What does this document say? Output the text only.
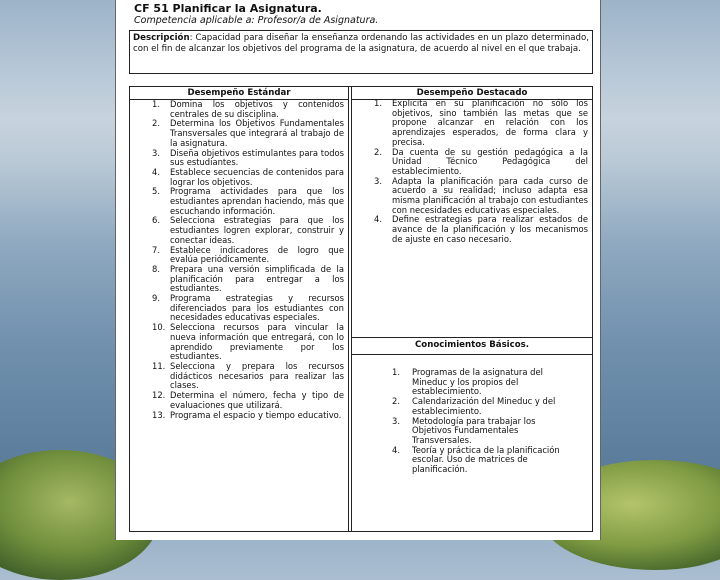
CF 51 Planificar la Asignatura.
Competencia aplicable a: Profesor/a de Asignatura.
Descripción: Capacidad para diseñar la enseñanza ordenando las actividades en un plazo determinado, con el fin de alcanzar los objetivos del programa de la asignatura, de acuerdo al nivel en el que trabaja.
Desempeño Estándar
1. Domina los objetivos y contenidos centrales de su disciplina.
2. Determina los Objetivos Fundamentales Transversales que integrará al trabajo de la asignatura.
3. Diseña objetivos estimulantes para todos sus estudiantes.
4. Establece secuencias de contenidos para lograr los objetivos.
5. Programa actividades para que los estudiantes aprendan haciendo, más que escuchando información.
6. Selecciona estrategias para que los estudiantes logren explorar, construir y conectar ideas.
7. Establece indicadores de logro que evalúa periódicamente.
8. Prepara una versión simplificada de la planificación para entregar a los estudiantes.
9. Programa estrategias y recursos diferenciados para los estudiantes con necesidades educativas especiales.
10. Selecciona recursos para vincular la nueva información que entregará, con lo aprendido previamente por los estudiantes.
11. Selecciona y prepara los recursos didácticos necesarios para realizar las clases.
12. Determina el número, fecha y tipo de evaluaciones que utilizará.
13. Programa el espacio y tiempo educativo.
Desempeño Destacado
1. Explicita en su planificación no sólo los objetivos, sino también las metas que se propone alcanzar en relación con los aprendizajes esperados, de forma clara y precisa.
2. Da cuenta de su gestión pedagógica a la Unidad Técnico Pedagógica del establecimiento.
3. Adapta la planificación para cada curso de acuerdo a su realidad; incluso adapta esa misma planificación al trabajo con estudiantes con necesidades educativas especiales.
4. Define estrategias para realizar estados de avance de la planificación y los mecanismos de ajuste en caso necesario.
Conocimientos Básicos.
1. Programas de la asignatura del Mineduc y los propios del establecimiento.
2. Calendarización del Mineduc y del establecimiento.
3. Metodología para trabajar los Objetivos Fundamentales Transversales.
4. Teoría y práctica de la planificación escolar. Uso de matrices de planificación.
